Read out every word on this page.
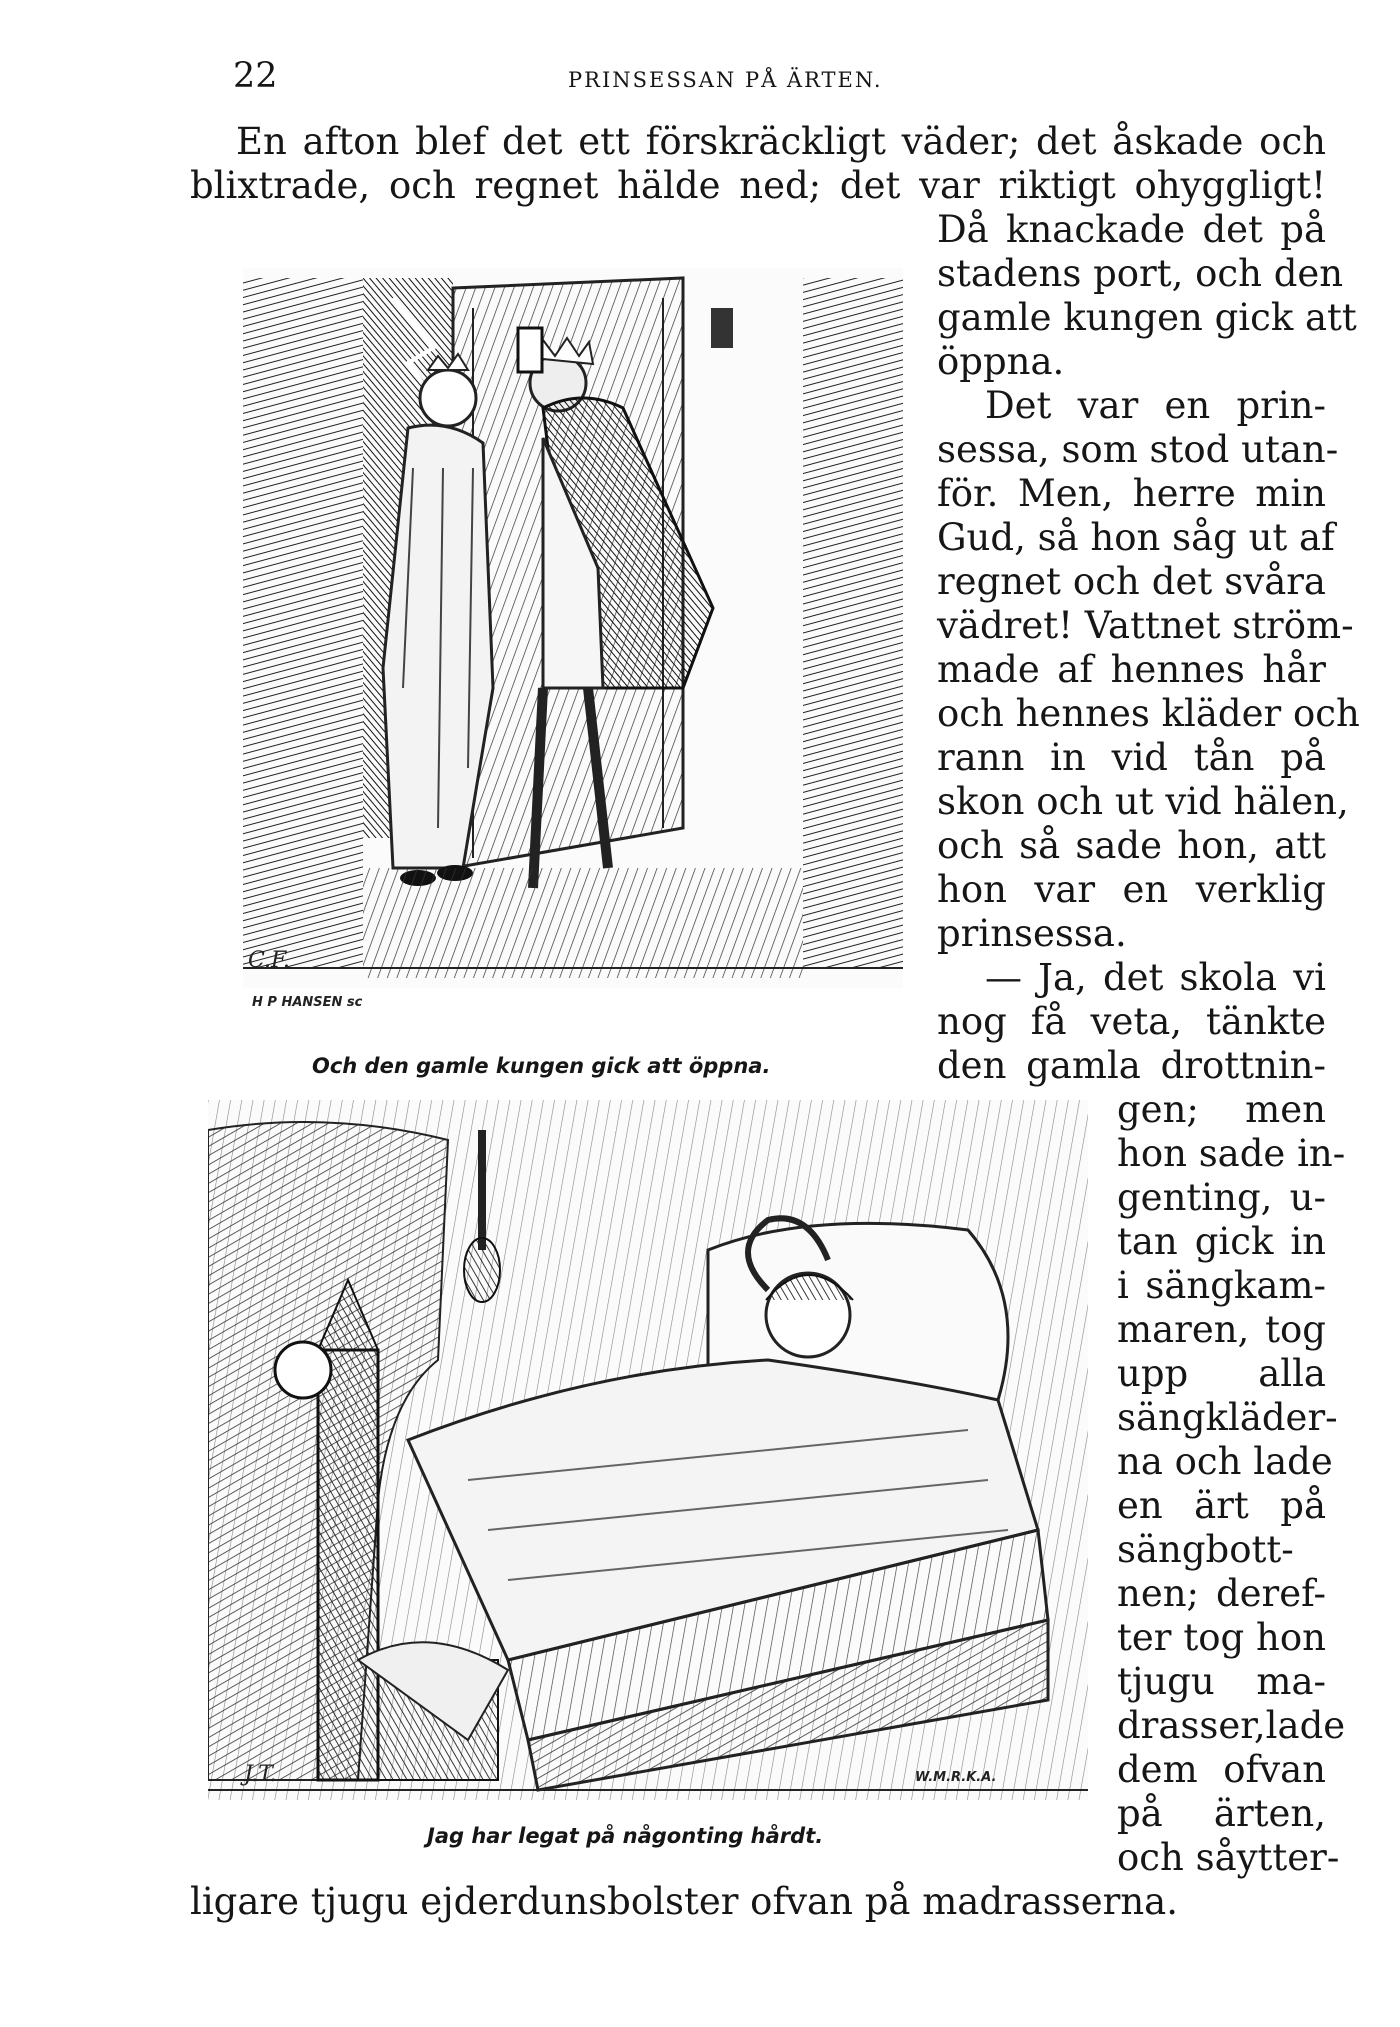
22	PRINSESSAN PÅ ÄRTEN.
En afton blef det ett förskräckligt väder; det åskade och
blixtrade, och regnet hälde ned; det var riktigt ohyggligt!
Då knackade det på
stadens port, och den
gamle kungen gick att
öppna.
Det var en prin-
sessa, som stod utan-
för. Men, herre min
Gud, så hon såg ut af
regnet och det svåra
vädret! Vattnet ström-
made af hennes hår
och hennes kläder och
rann in vid tån på
skon och ut vid hälen,
och så sade hon, att
hon var en verklig
prinsessa.
— Ja, det skola vi
nog få veta, tänkte
den gamla drottnin-
gen; men
hon sade in-
genting, u-
tan gick in
i sängkam-
maren, tog
upp alla
sängkläder-
na och lade
en ärt på
sängbott-
nen; deref-
ter tog hon
tjugu ma-
drasser,lade
dem ofvan
på ärten,
och såytter-
ligare tjugu ejderdunsbolster ofvan på madrasserna.
C.F.
H P HANSEN sc
Och den gamle kungen gick att öppna.
J.T.	W.M.R.K.A.
Jag har legat på någonting hårdt.
